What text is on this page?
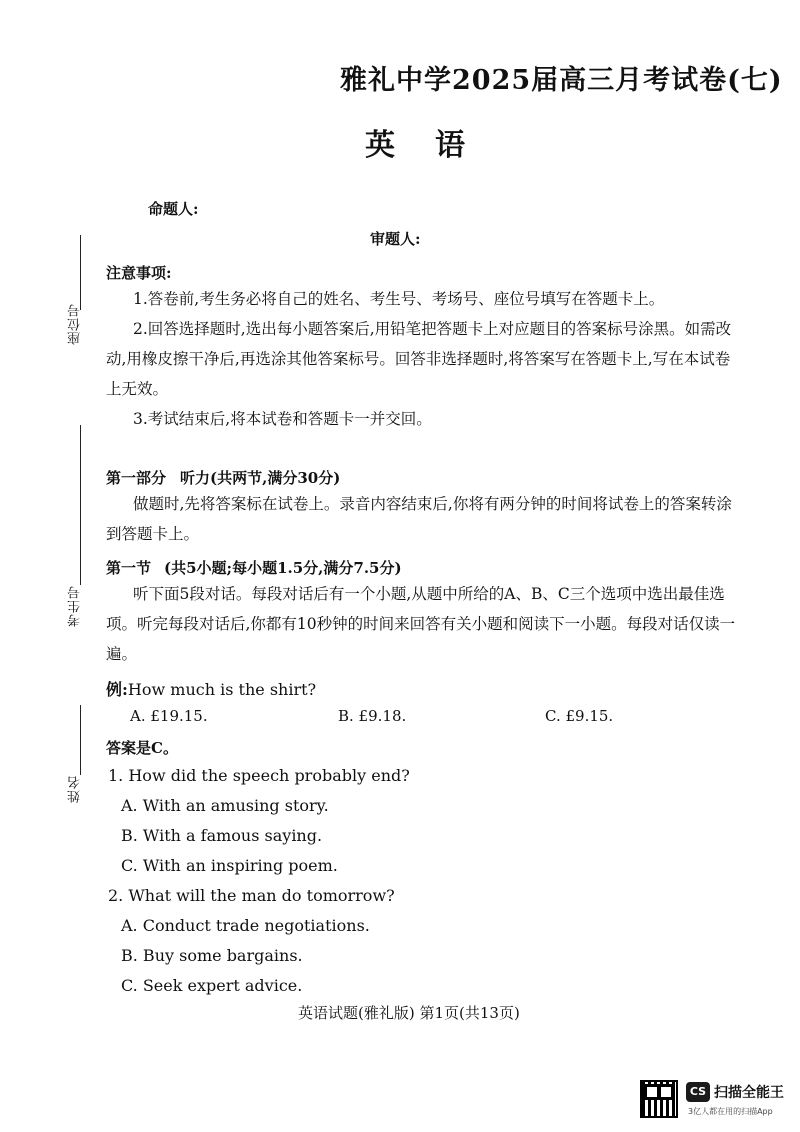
雅礼中学2025届高三月考试卷(七)
英语
命题人:
审题人:
座位号
考生号
姓名
注意事项:
1.答卷前,考生务必将自己的姓名、考生号、考场号、座位号填写在答题卡上。
2.回答选择题时,选出每小题答案后,用铅笔把答题卡上对应题目的答案标号涂黑。如需改
动,用橡皮擦干净后,再选涂其他答案标号。回答非选择题时,将答案写在答题卡上,写在本试卷
上无效。
3.考试结束后,将本试卷和答题卡一并交回。
第一部分 听力(共两节,满分30分)
做题时,先将答案标在试卷上。录音内容结束后,你将有两分钟的时间将试卷上的答案转涂
到答题卡上。
第一节 (共5小题;每小题1.5分,满分7.5分)
听下面5段对话。每段对话后有一个小题,从题中所给的A、B、C三个选项中选出最佳选
项。听完每段对话后,你都有10秒钟的时间来回答有关小题和阅读下一小题。每段对话仅读一
遍。
例:How much is the shirt?
A. £19.15.	B. £9.18.	C. £9.15.
答案是C。
1. How did the speech probably end?
A. With an amusing story.
B. With a famous saying.
C. With an inspiring poem.
2. What will the man do tomorrow?
A. Conduct trade negotiations.
B. Buy some bargains.
C. Seek expert advice.
英语试题(雅礼版) 第1页(共13页)
CS 扫描全能王
3亿人都在用的扫描App
